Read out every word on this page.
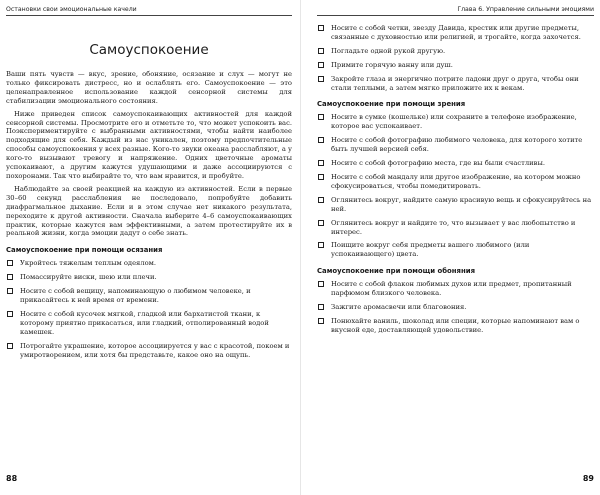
Остановки свои эмоциональные качели
Самоуспокоение

Ваши пять чувств — вкус, зрение, обоняние, осязание и слух — могут не только фиксировать дистресс, но и ослаблять его. Самоуспокоение — это целенаправленное использование каждой сенсорной системы для стабилизации эмоционального состояния.

Ниже приведен список самоуспокаивающих активностей для каждой сенсорной системы. Просмотрите его и отметьте то, что может успокоить вас. Поэкспериментируйте с выбранными активностями, чтобы найти наиболее подходящие для себя. Каждый из нас уникален, поэтому предпочтительные способы самоуспокоения у всех разные. Кого-то звуки океана расслабляют, а у кого-то вызывают тревогу и напряжение. Одних цветочные ароматы успокаивают, а другим кажутся удушающими и даже ассоциируются с похоронами. Так что выбирайте то, что вам нравится, и пробуйте.

Наблюдайте за своей реакцией на каждую из активностей. Если в первые 30–60 секунд расслабления не последовало, попробуйте добавить диафрагмальное дыхание. Если и в этом случае нет никакого результата, переходите к другой активности. Сначала выберите 4–6 самоуспокаивающих практик, которые кажутся вам эффективными, а затем протестируйте их в реальной жизни, когда эмоции дадут о себе знать.

Самоуспокоение при помощи осязания
Укройтесь тяжелым теплым одеялом.
Помассируйте виски, шею или плечи.
Носите с собой вещицу, напоминающую о любимом человеке, и прикасайтесь к ней время от времени.
Носите с собой кусочек мягкой, гладкой или бархатистой ткани, к которому приятно прикасаться, или гладкий, отполированный водой камешек.
Потрогайте украшение, которое ассоциируется у вас с красотой, покоем и умиротворением, или хотя бы представьте, какое оно на ощупь.
88
Глава 6. Управление сильными эмоциями
Носите с собой четки, звезду Давида, крестик или другие предметы, связанные с духовностью или религией, и трогайте, когда захочется.
Погладьте одной рукой другую.
Примите горячую ванну или душ.
Закройте глаза и энергично потрите ладони друг о друга, чтобы они стали теплыми, а затем мягко приложите их к векам.
Самоуспокоение при помощи зрения
Носите в сумке (кошельке) или сохраните в телефоне изображение, которое вас успокаивает.
Носите с собой фотографию любимого человека, для которого хотите быть лучшей версией себя.
Носите с собой фотографию места, где вы были счастливы.
Носите с собой мандалу или другое изображение, на котором можно сфокусироваться, чтобы помедитировать.
Оглянитесь вокруг, найдите самую красивую вещь и сфокусируйтесь на ней.
Оглянитесь вокруг и найдите то, что вызывает у вас любопытство и интерес.
Поищите вокруг себя предметы вашего любимого (или успокаивающего) цвета.
Самоуспокоение при помощи обоняния
Носите с собой флакон любимых духов или предмет, пропитанный парфюмом близкого человека.
Зажгите аромасвечи или благовония.
Понюхайте ваниль, шоколад или специи, которые напоминают вам о вкусной еде, доставляющей удовольствие.
89
